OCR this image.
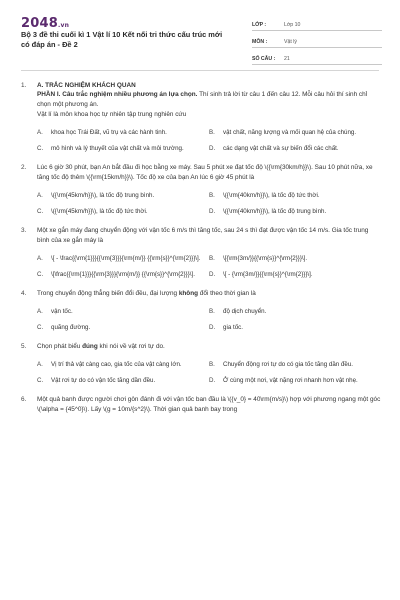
2048.vn
Bộ 3 đề thi cuối kì 1 Vật lí 10 Kết nối tri thức cấu trúc mới có đáp án - Đề 2
LỚP :	Lớp 10
MÔN :	Vật lý
SỐ CÂU :	21
1.	A. TRẮC NGHIỆM KHÁCH QUAN
PHẦN I. Câu trắc nghiệm nhiều phương án lựa chọn. Thí sinh trả lời từ câu 1 đến câu 12. Mỗi câu hỏi thí sinh chỉ chọn một phương án.
Vật lí là môn khoa học tự nhiên tập trung nghiên cứu
A.	khoa học Trái Đất, vũ trụ và các hành tinh.	B.	vật chất, năng lượng và mối quan hệ của chúng.
C.	mô hình và lý thuyết của vật chất và môi trường.	D.	các dạng vật chất và sự biến đổi các chất.
2.	Lúc 6 giờ 30 phút, bạn An bắt đầu đi học bằng xe máy. Sau 5 phút xe đạt tốc độ \({\rm{30km/h}}\). Sau 10 phút nữa, xe tăng tốc độ thêm \({\rm{15km/h}}\). Tốc độ xe của bạn An lúc 6 giờ 45 phút là
A.	\({\rm{45km/h}}\), là tốc độ trung bình.	B.	\({\rm{40km/h}}\), là tốc độ tức thời.
C.	\({\rm{45km/h}}\), là tốc độ tức thời.	D.	\({\rm{40km/h}}\), là tốc độ trung bình.
3.	Một xe gắn máy đang chuyển động với vận tốc 6 m/s thì tăng tốc, sau 24 s thì đạt được vận tốc 14 m/s. Gia tốc trung bình của xe gắn máy là
A.	\[ - \frac{{\rm{1}}}{{\rm{3}}}{\rm{m/}} {{\rm{s}}^{\rm{2}}}\]. B.	\[{\rm{3m/}}{{\rm{s}}^{\rm{2}}}\].
C.	\[\frac{{\rm{1}}}{{\rm{3}}}{\rm{m/}} {{\rm{s}}^{\rm{2}}}\].	D.	\[ - {\rm{3m/}}{{\rm{s}}^{\rm{2}}}\].
4.	Trong chuyển động thẳng biến đổi đều, đại lượng không đổi theo thời gian là
A.	vận tốc.	B.	độ dịch chuyển.
C.	quãng đường.	D.	gia tốc.
5.	Chọn phát biểu đúng khi nói về vật rơi tự do.
A.	Vị trí thả vật càng cao, gia tốc của vật càng lớn.	B.	Chuyển động rơi tự do có gia tốc tăng dần đều.
C.	Vật rơi tự do có vận tốc tăng dần đều.	D.	Ở cùng một nơi, vật nặng rơi nhanh hơn vật nhẹ.
6.	Một quả banh được người chơi gôn đánh đi với vận tốc ban đầu là \({v_0} = 40\rm{m/s}\) hợp với phương ngang một góc \(\alpha = {45^0}\). Lấy \(g = 10m/{s^2}\). Thời gian quả banh bay trong
